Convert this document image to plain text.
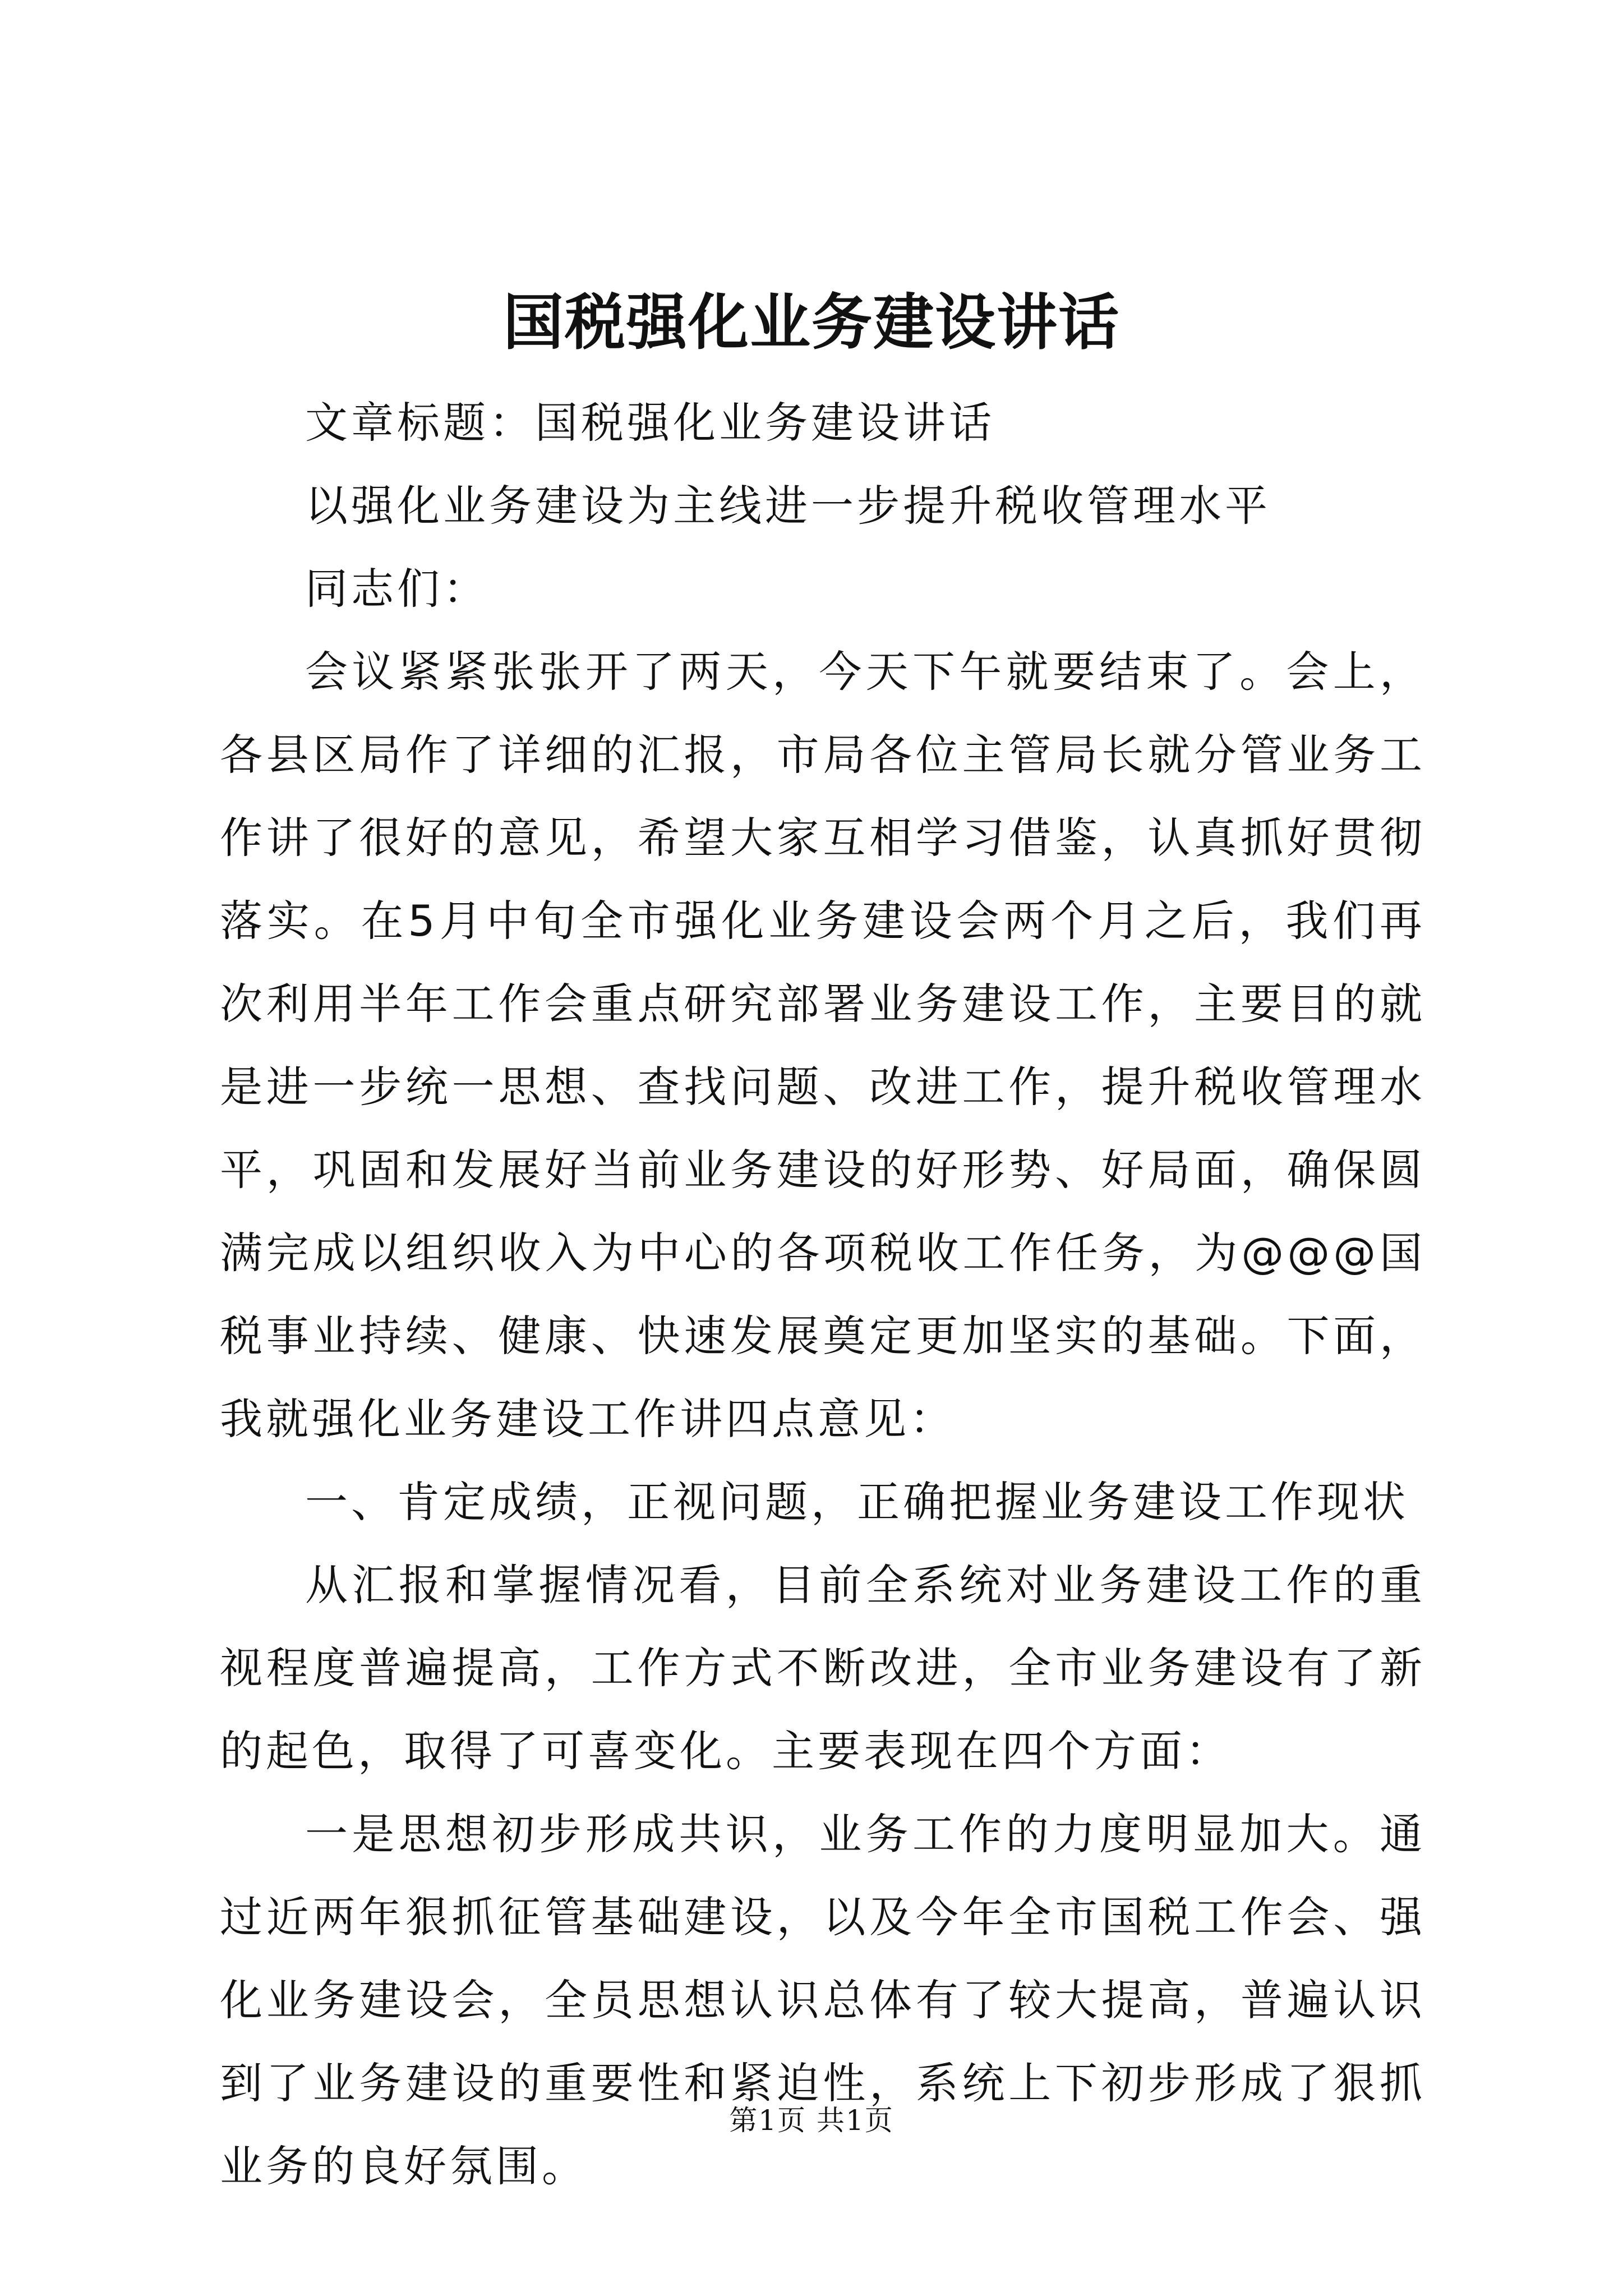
国税强化业务建设讲话

文章标题：国税强化业务建设讲话

以强化业务建设为主线进一步提升税收管理水平

同志们：

会议紧紧张张开了两天，今天下午就要结束了。会上，各县区局作了详细的汇报，市局各位主管局长就分管业务工作讲了很好的意见，希望大家互相学习借鉴，认真抓好贯彻落实。在5月中旬全市强化业务建设会两个月之后，我们再次利用半年工作会重点研究部署业务建设工作，主要目的就是进一步统一思想、查找问题、改进工作，提升税收管理水平，巩固和发展好当前业务建设的好形势、好局面，确保圆满完成以组织收入为中心的各项税收工作任务，为@@@国税事业持续、健康、快速发展奠定更加坚实的基础。下面，我就强化业务建设工作讲四点意见：

一、肯定成绩，正视问题，正确把握业务建设工作现状

从汇报和掌握情况看，目前全系统对业务建设工作的重视程度普遍提高，工作方式不断改进，全市业务建设有了新的起色，取得了可喜变化。主要表现在四个方面：

一是思想初步形成共识，业务工作的力度明显加大。通过近两年狠抓征管基础建设，以及今年全市国税工作会、强化业务建设会，全员思想认识总体有了较大提高，普遍认识到了业务建设的重要性和紧迫性，系统上下初步形成了狠抓业务的良好氛围。

第1页 共1页
